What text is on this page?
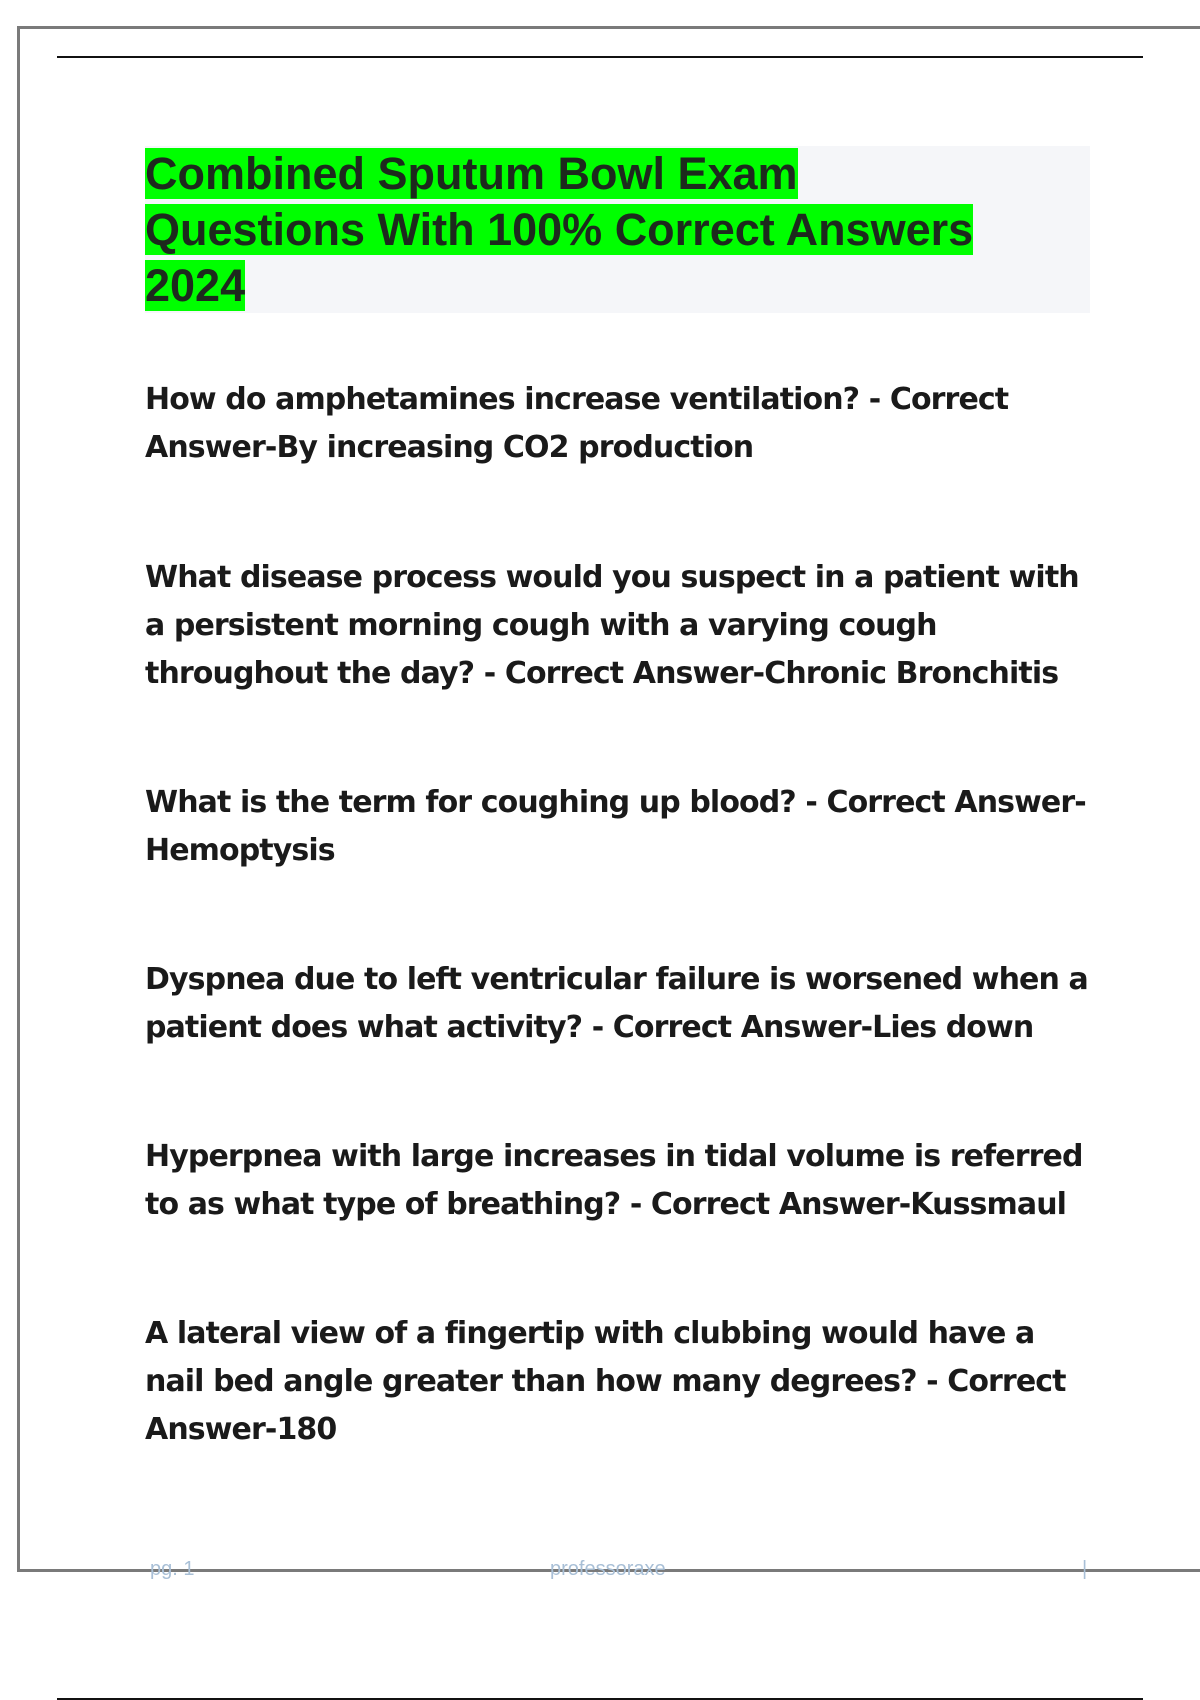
Combined Sputum Bowl Exam
Questions With 100% Correct Answers
2024
How do amphetamines increase ventilation? - Correct Answer-By increasing CO2 production
What disease process would you suspect in a patient with a persistent morning cough with a varying cough throughout the day? - Correct Answer-Chronic Bronchitis
What is the term for coughing up blood? - Correct Answer-Hemoptysis
Dyspnea due to left ventricular failure is worsened when a patient does what activity? - Correct Answer-Lies down
Hyperpnea with large increases in tidal volume is referred to as what type of breathing? - Correct Answer-Kussmaul
A lateral view of a fingertip with clubbing would have a nail bed angle greater than how many degrees? - Correct Answer-180
pg. 1	professoraxe	|
